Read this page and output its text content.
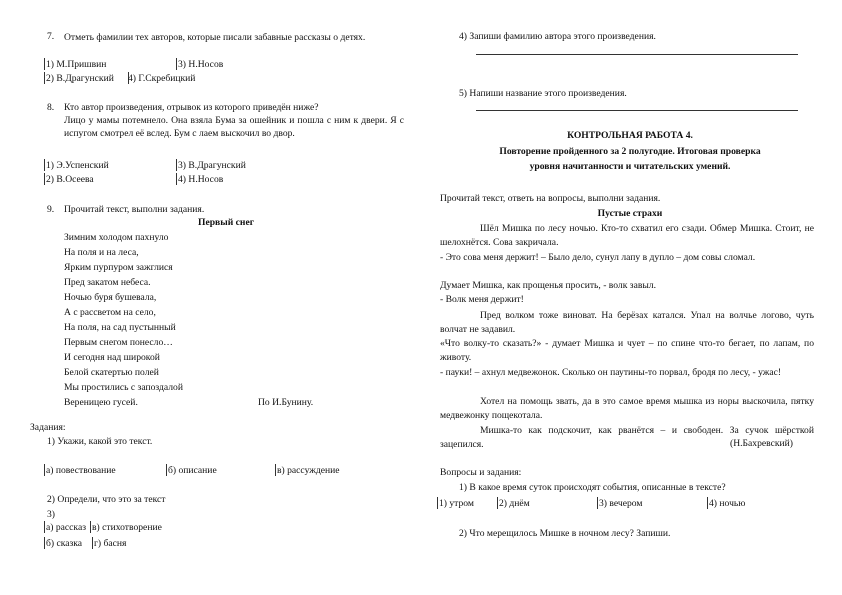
7. Отметь фамилии тех авторов, которые писали забавные рассказы о детях.
1) М.Пришвин	3) Н.Носов
2) В.Драгунский 4) Г.Скребицкий
8. Кто автор произведения, отрывок из которого приведён ниже?
Лицо у мамы потемнело. Она взяла Бума за ошейник и пошла с ним к двери. Я с испугом смотрел её вслед. Бум с лаем выскочил во двор.
1) Э.Успенский	3) В.Драгунский
2) В.Осеева	4) Н.Носов
9. Прочитай текст, выполни задания.
Первый снег
Зимним холодом пахнуло
На поля и на леса,
Ярким пурпуром зажглися
Пред закатом небеса.
Ночью буря бушевала,
А с рассветом на село,
На поля, на сад пустынный
Первым снегом понесло…
И сегодня над широкой
Белой скатертью полей
Мы простились с запоздалой
Вереницею гусей.	По И.Бунину.
Задания:
1) Укажи, какой это текст.
а) повествование	б) описание	в) рассуждение
2) Определи, что это за текст
3)
а) рассказ в) стихотворение
б) сказка г) басня
4) Запиши фамилию автора этого произведения.
5) Напиши название этого произведения.
КОНТРОЛЬНАЯ РАБОТА 4.
Повторение пройденного за 2 полугодие. Итоговая проверка
уровня начитанности и читательских умений.
Прочитай текст, ответь на вопросы, выполни задания.
Пустые страхи
Шёл Мишка по лесу ночью. Кто-то схватил его сзади. Обмер Мишка. Стоит, не шелохнётся. Сова закричала.
- Это сова меня держит! – Было дело, сунул лапу в дупло – дом совы сломал.
Думает Мишка, как прощенья просить, - волк завыл.
- Волк меня держит!
Пред волком тоже виноват. На берёзах катался. Упал на волчье логово, чуть волчат не задавил.
«Что волку-то сказать?» - думает Мишка и чует – по спине что-то бегает, по лапам, по животу.
- пауки! – ахнул медвежонок. Сколько он паутины-то порвал, бродя по лесу, - ужас!
Хотел на помощь звать, да в это самое время мышка из норы выскочила, пятку медвежонку пощекотала.
Мишка-то как подскочит, как рванётся – и свободен. За сучок шёрсткой зацепился.	(Н.Бахревский)
Вопросы и задания:
1) В какое время суток происходят события, описанные в тексте?
1) утром	2) днём	3) вечером	4) ночью
2) Что мерещилось Мишке в ночном лесу? Запиши.
